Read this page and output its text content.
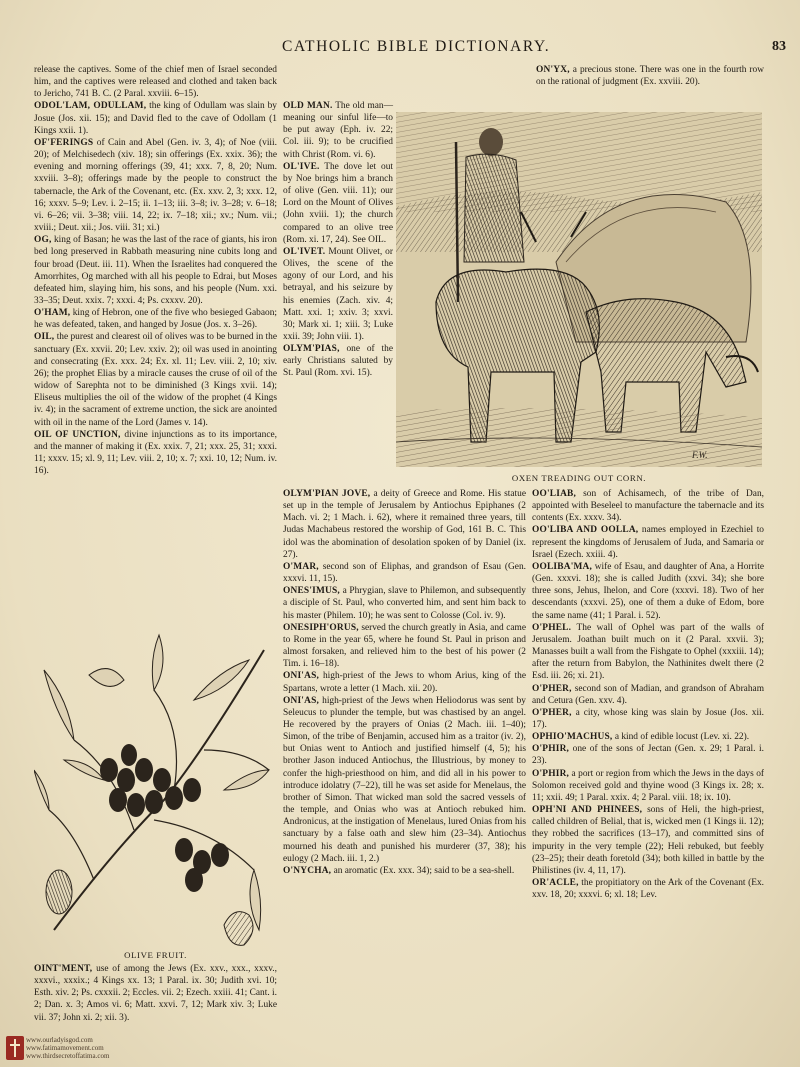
CATHOLIC BIBLE DICTIONARY.	83

release the captives. Some of the chief men of Israel seconded him, and the captives were released and clothed and taken back to Jericho, 741 B. C. (2 Paral. xxviii. 6–15).

ODOL'LAM, ODULLAM, the king of Odullam was slain by Josue (Jos. xii. 15); and David fled to the cave of Odollam (1 Kings xxii. 1).

OF'FERINGS of Cain and Abel (Gen. iv. 3, 4); of Noe (viii. 20); of Melchisedech (xiv. 18); sin offerings (Ex. xxix. 36); the evening and morning offerings (39, 41; xxx. 7, 8, 20; Num. xxviii. 3–8); offerings made by the people to construct the tabernacle, the Ark of the Covenant, etc. (Ex. xxv. 2, 3; xxx. 12, 16; xxxv. 5–9; Lev. i. 2–15; ii. 1–13; iii. 3–8; iv. 3–28; v. 6–18; vi. 6–26; vii. 3–38; viii. 14, 22; ix. 7–18; xii.; xv.; Num. vii.; xviii.; Deut. xii.; Jos. viii. 31; xi.)

OG, king of Basan; he was the last of the race of giants, his iron bed long preserved in Rabbath measuring nine cubits long and four broad (Deut. iii. 11). When the Israelites had conquered the Amorrhites, Og marched with all his people to Edrai, but Moses defeated him, slaying him, his sons, and his people (Num. xxi. 33–35; Deut. xxix. 7; xxxi. 4; Ps. cxxxv. 20).

O'HAM, king of Hebron, one of the five who besieged Gabaon; he was defeated, taken, and hanged by Josue (Jos. x. 3–26).

OIL, the purest and clearest oil of olives was to be burned in the sanctuary (Ex. xxvii. 20; Lev. xxiv. 2); oil was used in anointing and consecrating (Ex. xxx. 24; Ex. xl. 11; Lev. viii. 2, 10; xiv. 26); the prophet Elias by a miracle causes the cruse of oil of the widow of Sarephta not to be diminished (3 Kings xvii. 14); Eliseus multiplies the oil of the widow of the prophet (4 Kings iv. 4); in the sacrament of extreme unction, the sick are anointed with oil in the name of the Lord (James v. 14).

OIL OF UNCTION, divine injunctions as to its importance, and the manner of making it (Ex. xxix. 7, 21; xxx. 25, 31; xxxi. 11; xxxv. 15; xl. 9, 11; Lev. viii. 2, 10; x. 7; xxi. 10, 12; Num. iv. 16).

OLD MAN. The old man—meaning our sinful life—to be put away (Eph. iv. 22; Col. iii. 9); to be crucified with Christ (Rom. vi. 6).

OL'IVE. The dove let out by Noe brings him a branch of olive (Gen. viii. 11); our Lord on the Mount of Olives (John xviii. 1); the church compared to an olive tree (Rom. xi. 17, 24). See OIL.

OL'IVET. Mount Olivet, or Olives, the scene of the agony of our Lord, and his betrayal, and his seizure by his enemies (Zach. xiv. 4; Matt. xxi. 1; xxiv. 3; xxvi. 30; Mark xi. 1; xiii. 3; Luke xxii. 39; John viii. 1).

OLYM'PIAS, one of the early Christians saluted by St. Paul (Rom. xvi. 15).

ON'YX, a precious stone. There was one in the fourth row on the rational of judgment (Ex. xxviii. 20).

OLYM'PIAN JOVE, a deity of Greece and Rome. His statue set up in the temple of Jerusalem by Antiochus Epiphanes (2 Mach. vi. 2; 1 Mach. i. 62), where it remained three years, till Judas Machabeus restored the worship of God, 161 B. C. This idol was the abomination of desolation spoken of by Daniel (ix. 27).

O'MAR, second son of Eliphas, and grandson of Esau (Gen. xxxvi. 11, 15).

ONES'IMUS, a Phrygian, slave to Philemon, and subsequently a disciple of St. Paul, who converted him, and sent him back to his master (Philem. 10); he was sent to Colosse (Col. iv. 9).

ONESIPH'ORUS, served the church greatly in Asia, and came to Rome in the year 65, where he found St. Paul in prison and almost forsaken, and relieved him to the best of his power (2 Tim. i. 16–18).

ONI'AS, high-priest of the Jews to whom Arius, king of the Spartans, wrote a letter (1 Mach. xii. 20).

ONI'AS, high-priest of the Jews when Heliodorus was sent by Seleucus to plunder the temple, but was chastised by an angel. He recovered by the prayers of Onias (2 Mach. iii. 1–40); Simon, of the tribe of Benjamin, accused him as a traitor (iv. 2), but Onias went to Antioch and justified himself (4, 5); his brother Jason induced Antiochus, the Illustrious, by money to confer the high-priesthood on him, and did all in his power to introduce idolatry (7–22), till he was set aside for Menelaus, the brother of Simon. That wicked man sold the sacred vessels of the temple, and Onias who was at Antioch rebuked him. Andronicus, at the instigation of Menelaus, lured Onias from his sanctuary by a false oath and slew him (23–34). Antiochus mourned his death and punished his murderer (37, 38); his eulogy (2 Mach. iii. 1, 2.)

O'NYCHA, an aromatic (Ex. xxx. 34); said to be a sea-shell.

OO'LIAB, son of Achisamech, of the tribe of Dan, appointed with Beseleel to manufacture the tabernacle and its contents (Ex. xxxv. 34).

OO'LIBA AND OOLLA, names employed in Ezechiel to represent the kingdoms of Jerusalem of Juda, and Samaria or Israel (Ezech. xxiii. 4).

OOLIBA'MA, wife of Esau, and daughter of Ana, a Horrite (Gen. xxxvi. 18); she is called Judith (xxvi. 34); she bore three sons, Jehus, Ihelon, and Core (xxxvi. 18). Two of her descendants (xxxvi. 25), one of them a duke of Edom, bore the same name (41; 1 Paral. i. 52).

O'PHEL. The wall of Ophel was part of the walls of Jerusalem. Joathan built much on it (2 Paral. xxvii. 3); Manasses built a wall from the Fishgate to Ophel (xxxiii. 14); after the return from Babylon, the Nathinites dwelt there (2 Esd. iii. 26; xi. 21).

O'PHER, second son of Madian, and grandson of Abraham and Cetura (Gen. xxv. 4).

O'PHER, a city, whose king was slain by Josue (Jos. xii. 17).

OPHIO'MACHUS, a kind of edible locust (Lev. xi. 22).

O'PHIR, one of the sons of Jectan (Gen. x. 29; 1 Paral. i. 23).

O'PHIR, a port or region from which the Jews in the days of Solomon received gold and thyine wood (3 Kings ix. 28; x. 11; xxii. 49; 1 Paral. xxix. 4; 2 Paral. viii. 18; ix. 10).

OPH'NI AND PHINEES, sons of Heli, the high-priest, called children of Belial, that is, wicked men (1 Kings ii. 12); they robbed the sacrifices (13–17), and committed sins of impurity in the very temple (22); Heli rebuked, but feebly (23–25); their death foretold (34); both killed in battle by the Philistines (iv. 4, 11, 17).

OR'ACLE, the propitiatory on the Ark of the Covenant (Ex. xxv. 18, 20; xxxvi. 6; xl. 18; Lev.

OINT'MENT, use of among the Jews (Ex. xxv., xxx., xxxv., xxxvi., xxxix.; 4 Kings xx. 13; 1 Paral. ix. 30; Judith xvi. 10; Esth. xiv. 2; Ps. cxxxii. 2; Eccles. vii. 2; Ezech. xxiii. 41; Cant. i. 2; Dan. x. 3; Amos vi. 6; Matt. xxvi. 7, 12; Mark xiv. 3; Luke vii. 37; John xi. 2; xii. 3).

F.W.
OXEN TREADING OUT CORN.
OLIVE FRUIT.
www.ourladyisgod.com
www.fatimamovement.com
www.thirdsecretoffatima.com
